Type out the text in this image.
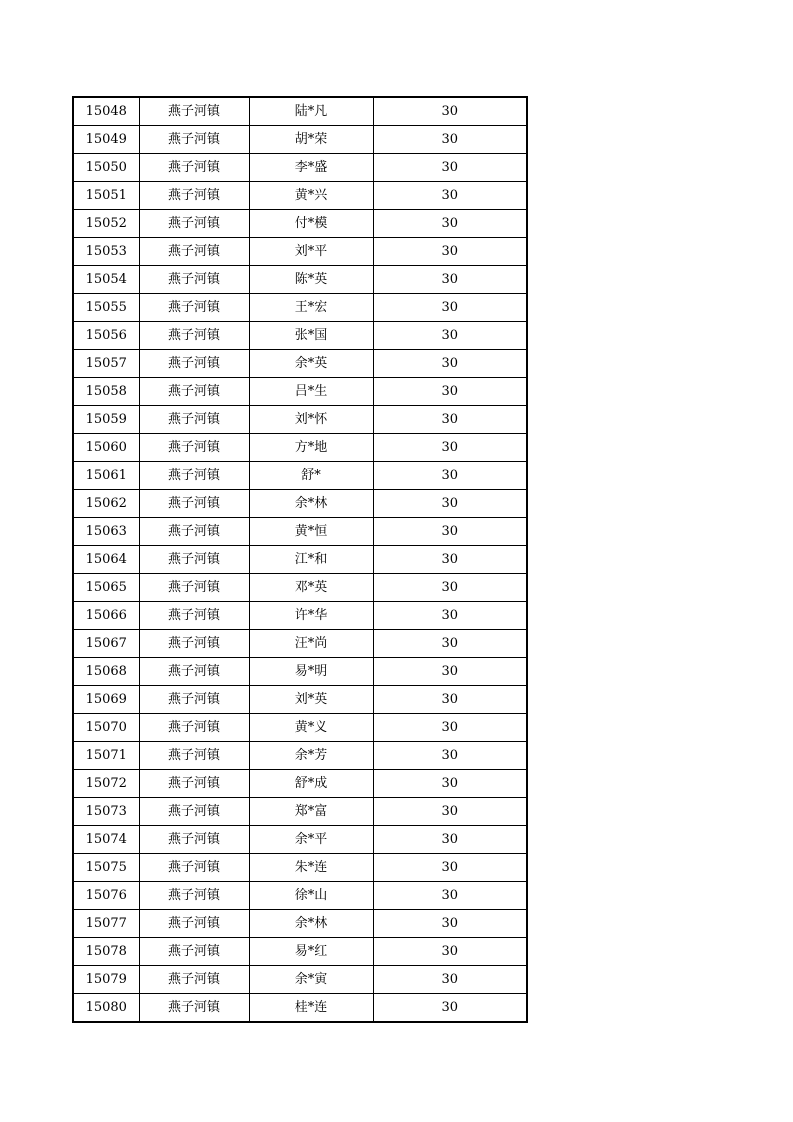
15048	燕子河镇	陆*凡	30
15049	燕子河镇	胡*荣	30
15050	燕子河镇	李*盛	30
15051	燕子河镇	黄*兴	30
15052	燕子河镇	付*模	30
15053	燕子河镇	刘*平	30
15054	燕子河镇	陈*英	30
15055	燕子河镇	王*宏	30
15056	燕子河镇	张*国	30
15057	燕子河镇	余*英	30
15058	燕子河镇	吕*生	30
15059	燕子河镇	刘*怀	30
15060	燕子河镇	方*地	30
15061	燕子河镇	舒*	30
15062	燕子河镇	余*林	30
15063	燕子河镇	黄*恒	30
15064	燕子河镇	江*和	30
15065	燕子河镇	邓*英	30
15066	燕子河镇	许*华	30
15067	燕子河镇	汪*尚	30
15068	燕子河镇	易*明	30
15069	燕子河镇	刘*英	30
15070	燕子河镇	黄*义	30
15071	燕子河镇	余*芳	30
15072	燕子河镇	舒*成	30
15073	燕子河镇	郑*富	30
15074	燕子河镇	余*平	30
15075	燕子河镇	朱*连	30
15076	燕子河镇	徐*山	30
15077	燕子河镇	余*林	30
15078	燕子河镇	易*红	30
15079	燕子河镇	余*寅	30
15080	燕子河镇	桂*连	30
